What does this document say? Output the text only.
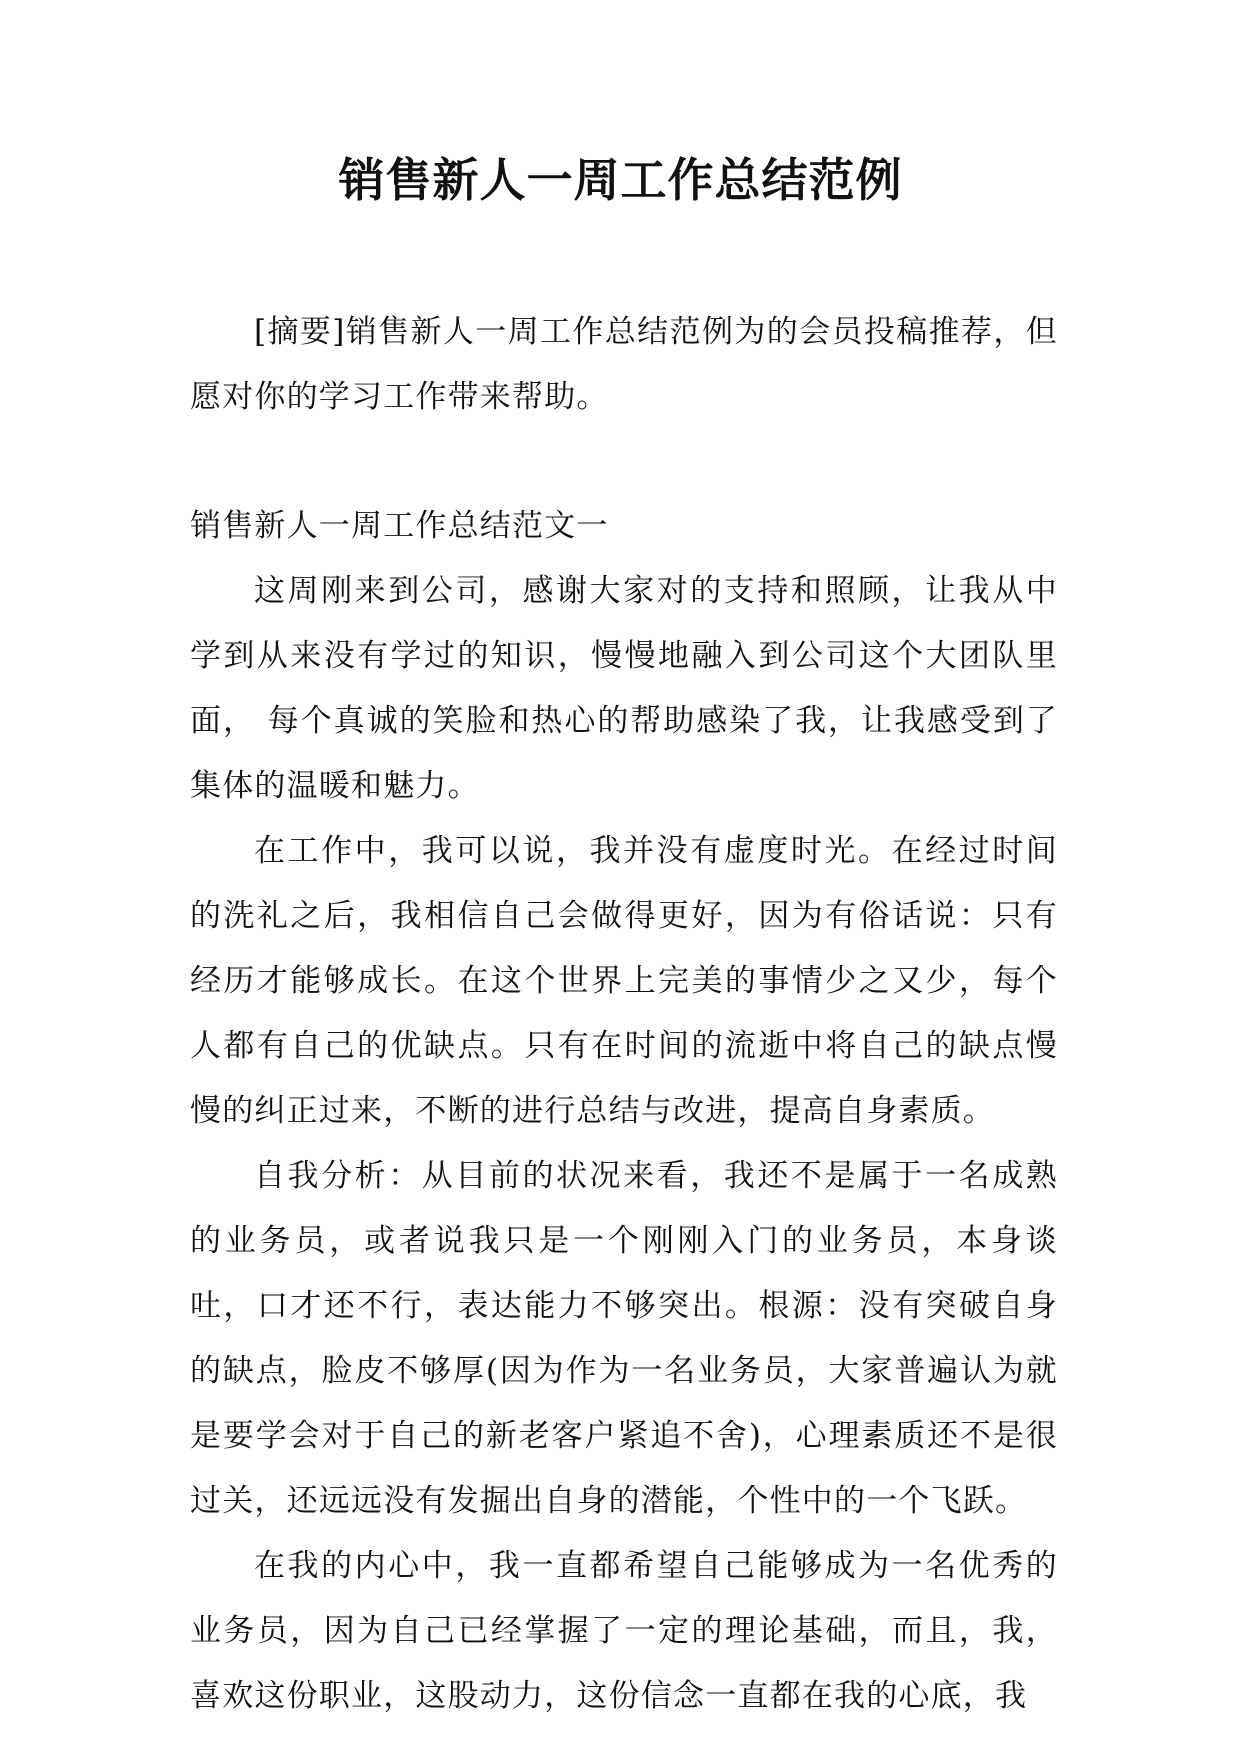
销售新人一周工作总结范例

[摘要]销售新人一周工作总结范例为的会员投稿推荐，但愿对你的学习工作带来帮助。

销售新人一周工作总结范文一

这周刚来到公司，感谢大家对的支持和照顾，让我从中学到从来没有学过的知识，慢慢地融入到公司这个大团队里面， 每个真诚的笑脸和热心的帮助感染了我，让我感受到了集体的温暖和魅力。

在工作中，我可以说，我并没有虚度时光。在经过时间的洗礼之后，我相信自己会做得更好，因为有俗话说：只有经历才能够成长。在这个世界上完美的事情少之又少，每个人都有自己的优缺点。只有在时间的流逝中将自己的缺点慢慢的纠正过来，不断的进行总结与改进，提高自身素质。

自我分析：从目前的状况来看，我还不是属于一名成熟的业务员，或者说我只是一个刚刚入门的业务员，本身谈吐，口才还不行，表达能力不够突出。根源：没有突破自身的缺点，脸皮不够厚(因为作为一名业务员，大家普遍认为就是要学会对于自己的新老客户紧追不舍)，心理素质还不是很过关，还远远没有发掘出自身的潜能，个性中的一个飞跃。

在我的内心中，我一直都希望自己能够成为一名优秀的业务员，因为自己已经掌握了一定的理论基础，而且，我，喜欢这份职业，这股动力，这份信念一直都在我的心底，我
